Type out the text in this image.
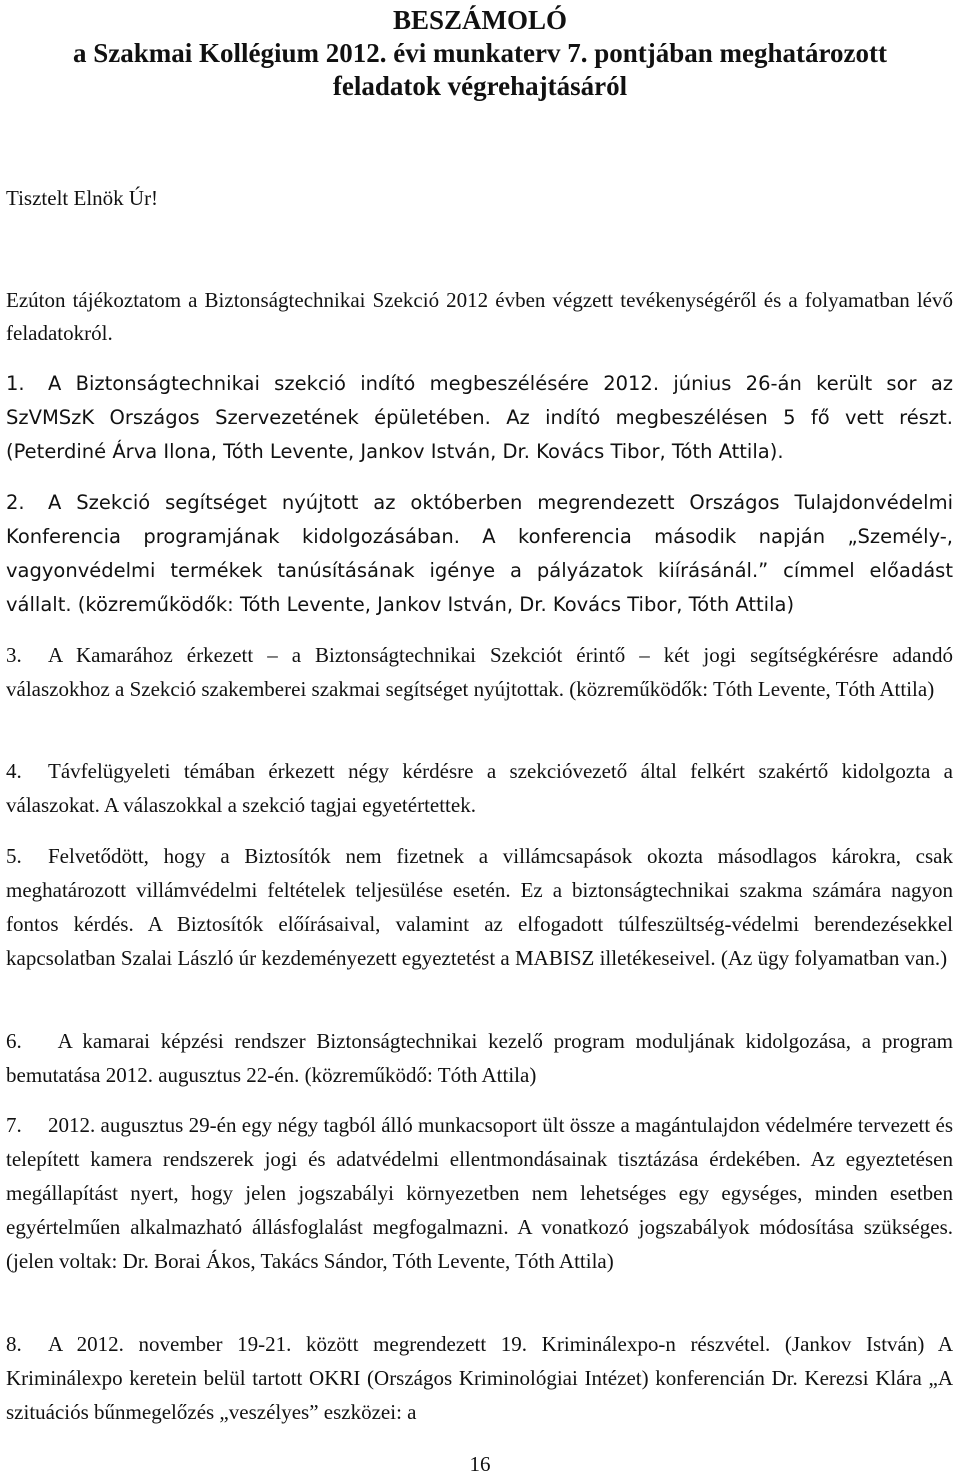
BESZÁMOLÓ
a Szakmai Kollégium 2012. évi munkaterv 7. pontjában meghatározott
feladatok végrehajtásáról
Tisztelt Elnök Úr!
Ezúton tájékoztatom a Biztonságtechnikai Szekció 2012 évben végzett tevékenységéről és a folyamatban lévő feladatokról.
1. A Biztonságtechnikai szekció indító megbeszélésére 2012. június 26-án került sor az SzVMSzK Országos Szervezetének épületében. Az indító megbeszélésen 5 fő vett részt. (Peterdiné Árva Ilona, Tóth Levente, Jankov István, Dr. Kovács Tibor, Tóth Attila).
2. A Szekció segítséget nyújtott az októberben megrendezett Országos Tulajdonvédelmi Konferencia programjának kidolgozásában. A konferencia második napján „Személy-, vagyonvédelmi termékek tanúsításának igénye a pályázatok kiírásánál.” címmel előadást vállalt. (közreműködők: Tóth Levente, Jankov István, Dr. Kovács Tibor, Tóth Attila)
3. A Kamarához érkezett – a Biztonságtechnikai Szekciót érintő – két jogi segítségkérésre adandó válaszokhoz a Szekció szakemberei szakmai segítséget nyújtottak. (közreműködők: Tóth Levente, Tóth Attila)
4. Távfelügyeleti témában érkezett négy kérdésre a szekcióvezető által felkért szakértő kidolgozta a válaszokat. A válaszokkal a szekció tagjai egyetértettek.
5. Felvetődött, hogy a Biztosítók nem fizetnek a villámcsapások okozta másodlagos károkra, csak meghatározott villámvédelmi feltételek teljesülése esetén. Ez a biztonságtechnikai szakma számára nagyon fontos kérdés. A Biztosítók előírásaival, valamint az elfogadott túlfeszültség-védelmi berendezésekkel kapcsolatban Szalai László úr kezdeményezett egyeztetést a MABISZ illetékeseivel. (Az ügy folyamatban van.)
6. A kamarai képzési rendszer Biztonságtechnikai kezelő program moduljának kidolgozása, a program bemutatása 2012. augusztus 22-én. (közreműködő: Tóth Attila)
7. 2012. augusztus 29-én egy négy tagból álló munkacsoport ült össze a magántulajdon védelmére tervezett és telepített kamera rendszerek jogi és adatvédelmi ellentmondásainak tisztázása érdekében. Az egyeztetésen megállapítást nyert, hogy jelen jogszabályi környezetben nem lehetséges egy egységes, minden esetben egyértelműen alkalmazható állásfoglalást megfogalmazni. A vonatkozó jogszabályok módosítása szükséges. (jelen voltak: Dr. Borai Ákos, Takács Sándor, Tóth Levente, Tóth Attila)
8. A 2012. november 19-21. között megrendezett 19. Kriminálexpo-n részvétel. (Jankov István) A Kriminálexpo keretein belül tartott OKRI (Országos Kriminológiai Intézet) konferencián Dr. Kerezsi Klára „A szituációs bűnmegelőzés „veszélyes” eszközei: a
16
